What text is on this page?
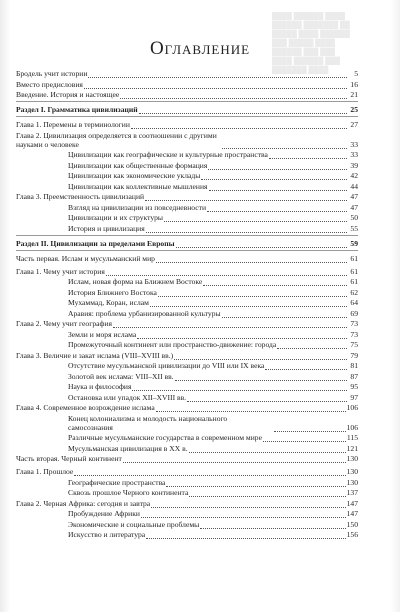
████ ██████ ████
██████ ███████ ██
█████ ████ ██████
███ █████ ████
██████ ███ ███
████ ██████ ███
███████ ████
Оглавление
Бродель учит истории	5
Вместо предисловия	16
Введение. История и настоящее	21
Раздел I. Грамматика цивилизаций	25
Глава 1. Перемены в терминологии	27
Глава 2. Цивилизация определяется в соотношении с другими науками о человеке	33
Цивилизации как географические и культурные пространства	33
Цивилизации как общественные формация	39
Цивилизации как экономические уклады	42
Цивилизации как коллективные мышления	44
Глава 3. Преемственность цивилизаций	47
Взгляд на цивилизации из повседневности	47
Цивилизации и их структуры	50
История и цивилизация	55
Раздел II. Цивилизации за пределами Европы	59
Часть первая. Ислам и мусульманский мир	61
Глава 1. Чему учит история	61
Ислам, новая форма на Ближнем Востоке	61
История Ближнего Востока	62
Мухаммад, Коран, ислам	64
Аравия: проблема урбанизированной культуры	69
Глава 2. Чему учит география	73
Земли и моря ислама	73
Промежуточный континент или пространство-движение: города	75
Глава 3. Величие и закат ислама (VIII–XVIII вв.)	79
Отсутствие мусульманской цивилизации до VIII или IX века	81
Золотой век ислама: VIII–XII вв.	87
Наука и философия	95
Остановка или упадок XII–XVIII вв.	97
Глава 4. Современное возрождение ислама	106
Конец колониализма и молодость национального самосознания	106
Различные мусульманские государства в современном мире	115
Мусульманская цивилизация в XX в.	121
Часть вторая. Черный континент	130
Глава 1. Прошлое	130
Географические пространства	130
Сквозь прошлое Черного континента	137
Глава 2. Черная Африка: сегодня и завтра	147
Пробуждение Африки	147
Экономические и социальные проблемы	150
Искусство и литература	156
